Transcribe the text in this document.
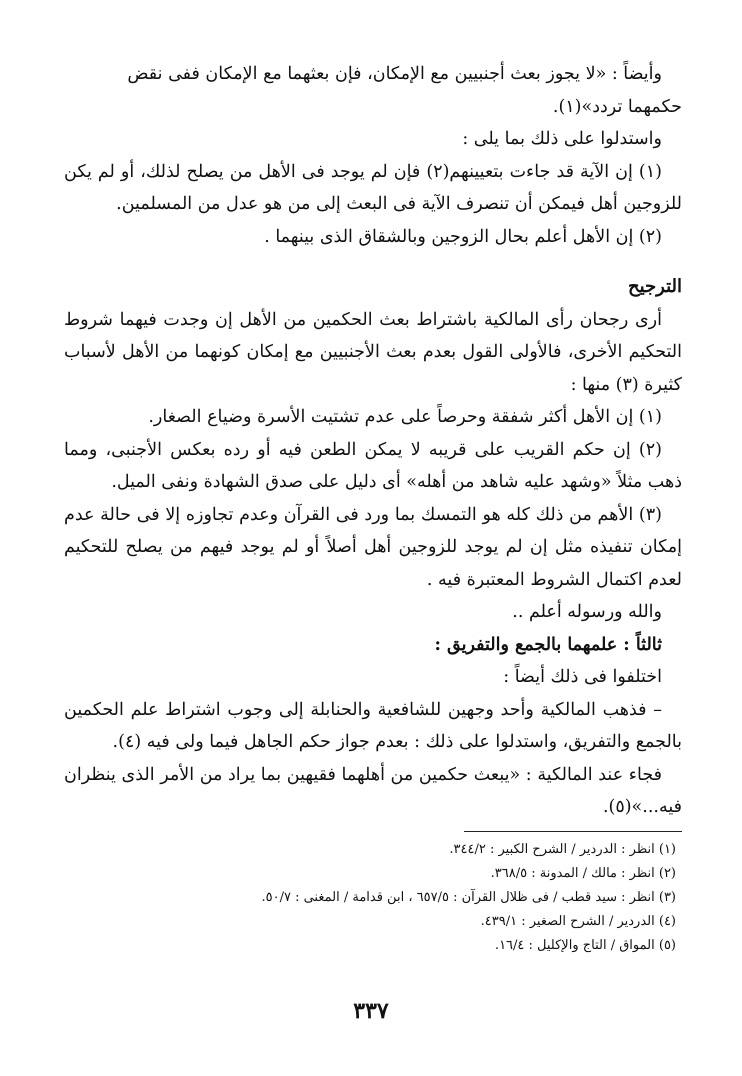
وأيضاً : «لا يجوز بعث أجنبيين مع الإمكان، فإن بعثهما مع الإمكان ففى نقض

حكمهما تردد»(١).

واستدلوا على ذلك بما يلى :

(١) إن الآية قد جاءت بتعيينهم(٢) فإن لم يوجد فى الأهل من يصلح لذلك، أو لم يكن للزوجين أهل فيمكن أن تنصرف الآية فى البعث إلى من هو عدل من المسلمين.

(٢) إن الأهل أعلم بحال الزوجين وبالشقاق الذى بينهما .

الترجيح

أرى رجحان رأى المالكية باشتراط بعث الحكمين من الأهل إن وجدت فيهما شروط التحكيم الأخرى، فالأولى القول بعدم بعث الأجنبيين مع إمكان كونهما من الأهل لأسباب كثيرة (٣) منها :

(١) إن الأهل أكثر شفقة وحرصاً على عدم تشتيت الأسرة وضياع الصغار.

(٢) إن حكم القريب على قريبه لا يمكن الطعن فيه أو رده بعكس الأجنبى، ومما ذهب مثلاً «وشهد عليه شاهد من أهله» أى دليل على صدق الشهادة ونفى الميل.

(٣) الأهم من ذلك كله هو التمسك بما ورد فى القرآن وعدم تجاوزه إلا فى حالة عدم إمكان تنفيذه مثل إن لم يوجد للزوجين أهل أصلاً أو لم يوجد فيهم من يصلح للتحكيم لعدم اكتمال الشروط المعتبرة فيه .

والله ورسوله أعلم ..

ثالثاً : علمهما بالجمع والتفريق :

اختلفوا فى ذلك أيضاً :

– فذهب المالكية وأحد وجهين للشافعية والحنابلة إلى وجوب اشتراط علم الحكمين بالجمع والتفريق، واستدلوا على ذلك : بعدم جواز حكم الجاهل فيما ولى فيه (٤).

فجاء عند المالكية : «يبعث حكمين من أهلهما فقيهين بما يراد من الأمر الذى ينظران فيه...»(٥).

(١) انظر : الدردير / الشرح الكبير : ٣٤٤/٢.

(٢) انظر : مالك / المدونة : ٣٦٨/٥.

(٣) انظر : سيد قطب / فى ظلال القرآن : ٦٥٧/٥ ، ابن قدامة / المغنى : ٥٠/٧.

(٤) الدردير / الشرح الصغير : ٤٣٩/١.

(٥) المواق / التاج والإكليل : ١٦/٤.

٣٣٧
